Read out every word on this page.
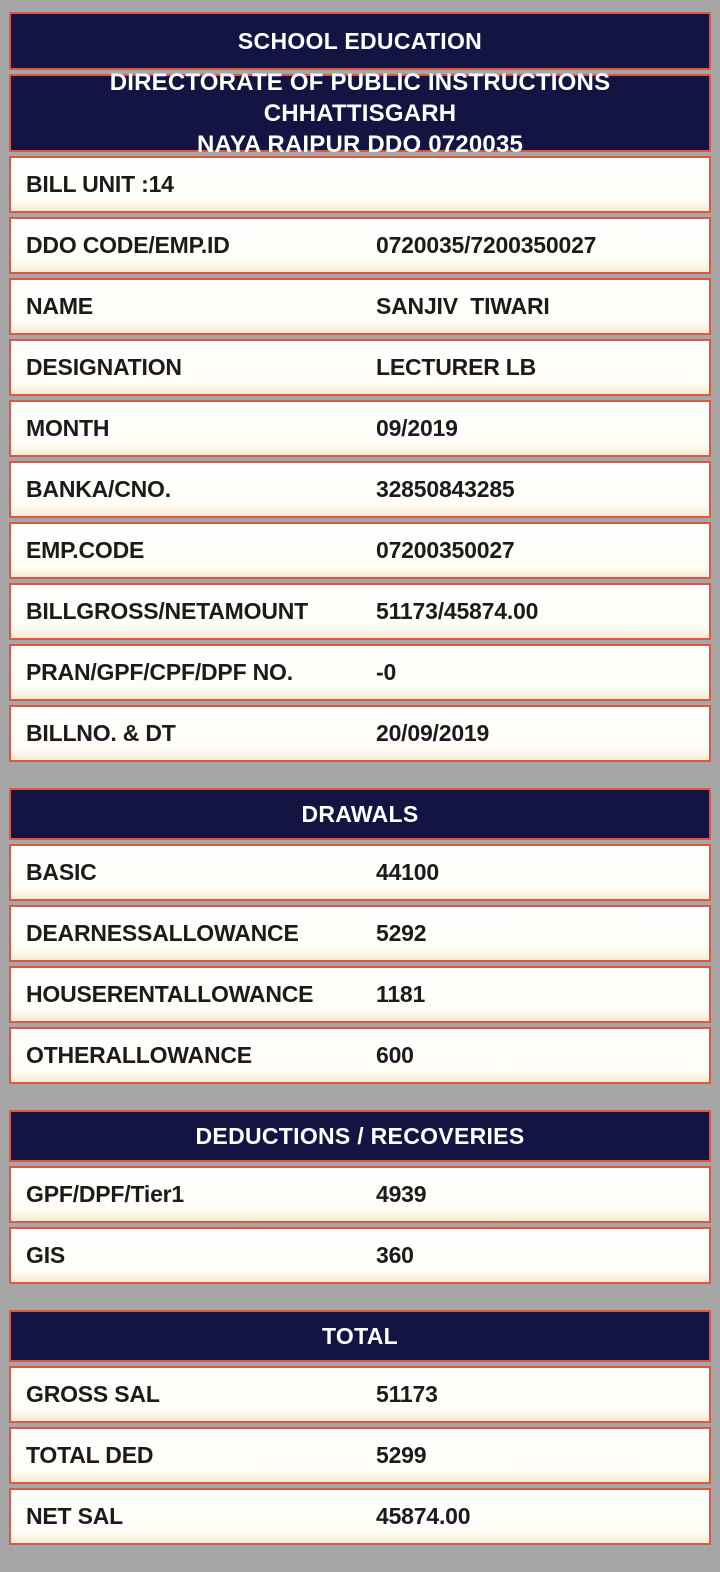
SCHOOL EDUCATION
DIRECTORATE OF PUBLIC INSTRUCTIONS CHHATTISGARH
NAYA RAIPUR DDO 0720035
BILL UNIT :14
DDO CODE/EMP.ID	0720035/7200350027
NAME	SANJIV  TIWARI
DESIGNATION	LECTURER LB
MONTH	09/2019
BANKA/CNO.	32850843285
EMP.CODE	07200350027
BILLGROSS/NETAMOUNT	51173/45874.00
PRAN/GPF/CPF/DPF NO.	-0
BILLNO. & DT	20/09/2019
DRAWALS
BASIC	44100
DEARNESSALLOWANCE	5292
HOUSERENTALLOWANCE	1181
OTHERALLOWANCE	600
DEDUCTIONS / RECOVERIES
GPF/DPF/Tier1	4939
GIS	360
TOTAL
GROSS SAL	51173
TOTAL DED	5299
NET SAL	45874.00
